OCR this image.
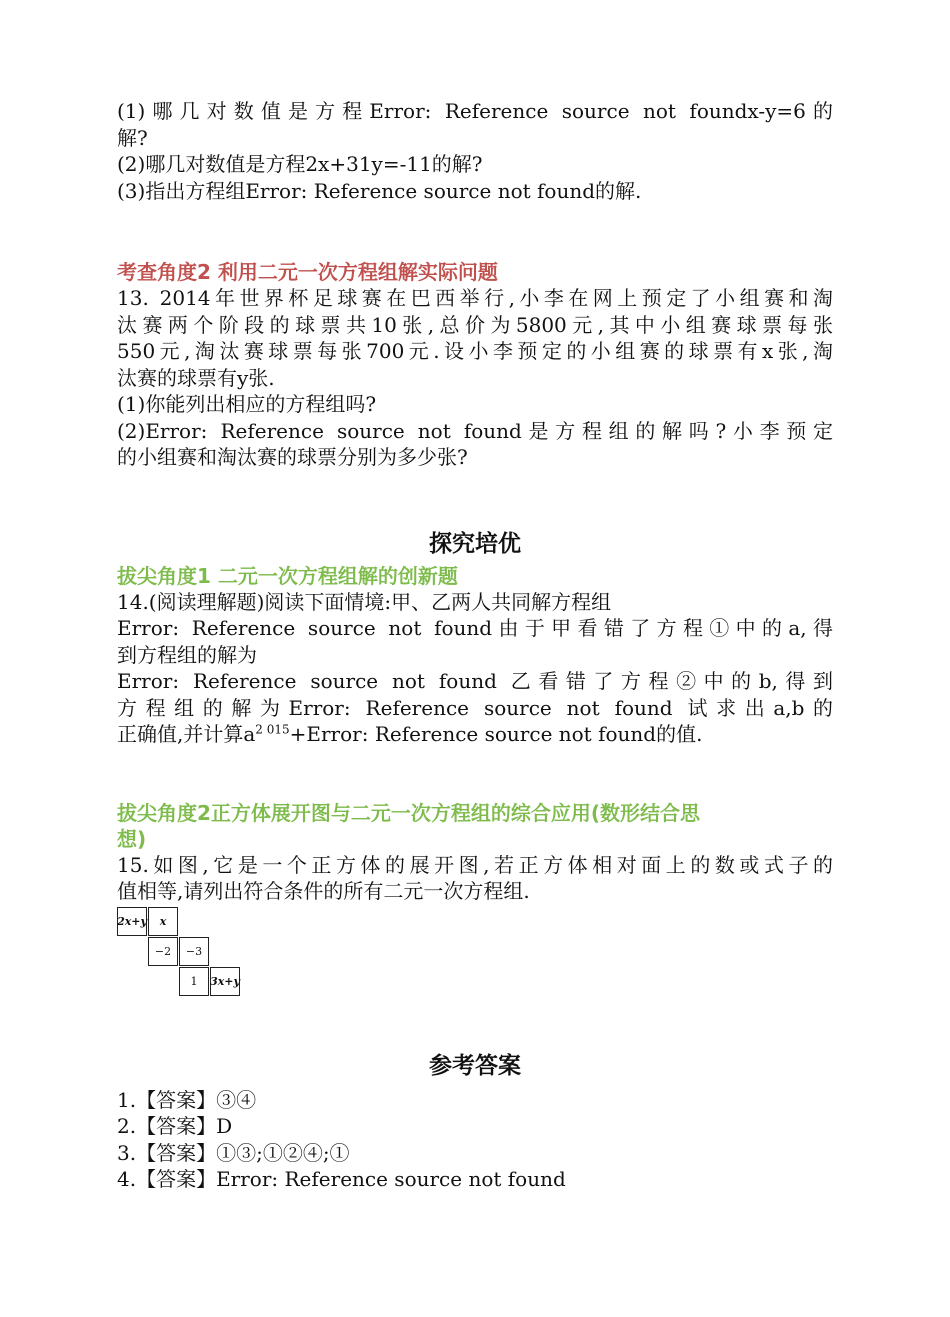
(1)哪几对数值是方程Error: Reference source not foundx-y=6的
解?
(2)哪几对数值是方程2x+31y=-11的解?
(3)指出方程组Error: Reference source not found的解.
考查角度2 利用二元一次方程组解实际问题
13. 2014年世界杯足球赛在巴西举行,小李在网上预定了小组赛和淘
汰赛两个阶段的球票共10张,总价为5800元,其中小组赛球票每张
550元,淘汰赛球票每张700元.设小李预定的小组赛的球票有x张,淘
汰赛的球票有y张.
(1)你能列出相应的方程组吗?
(2)Error: Reference source not found是方程组的解吗?小李预定
的小组赛和淘汰赛的球票分别为多少张?
探究培优
拔尖角度1 二元一次方程组解的创新题
14.(阅读理解题)阅读下面情境:甲、乙两人共同解方程组
Error: Reference source not found由于甲看错了方程①中的a,得
到方程组的解为
Error: Reference source not found 乙看错了方程②中的b,得到
方程组的解为Error: Reference source not found 试求出a,b的
正确值,并计算$a^{2 015}+Error$: Reference source not found的值.
拔尖角度2正方体展开图与二元一次方程组的综合应用(数形结合思
想)
15.如图,它是一个正方体的展开图,若正方体相对面上的数或式子的
值相等,请列出符合条件的所有二元一次方程组.
2x+y	x
−2	−3
1	3x+y
参考答案
1.【答案】③④
2.【答案】D
3.【答案】①③;①②④;①
4.【答案】Error: Reference source not found
